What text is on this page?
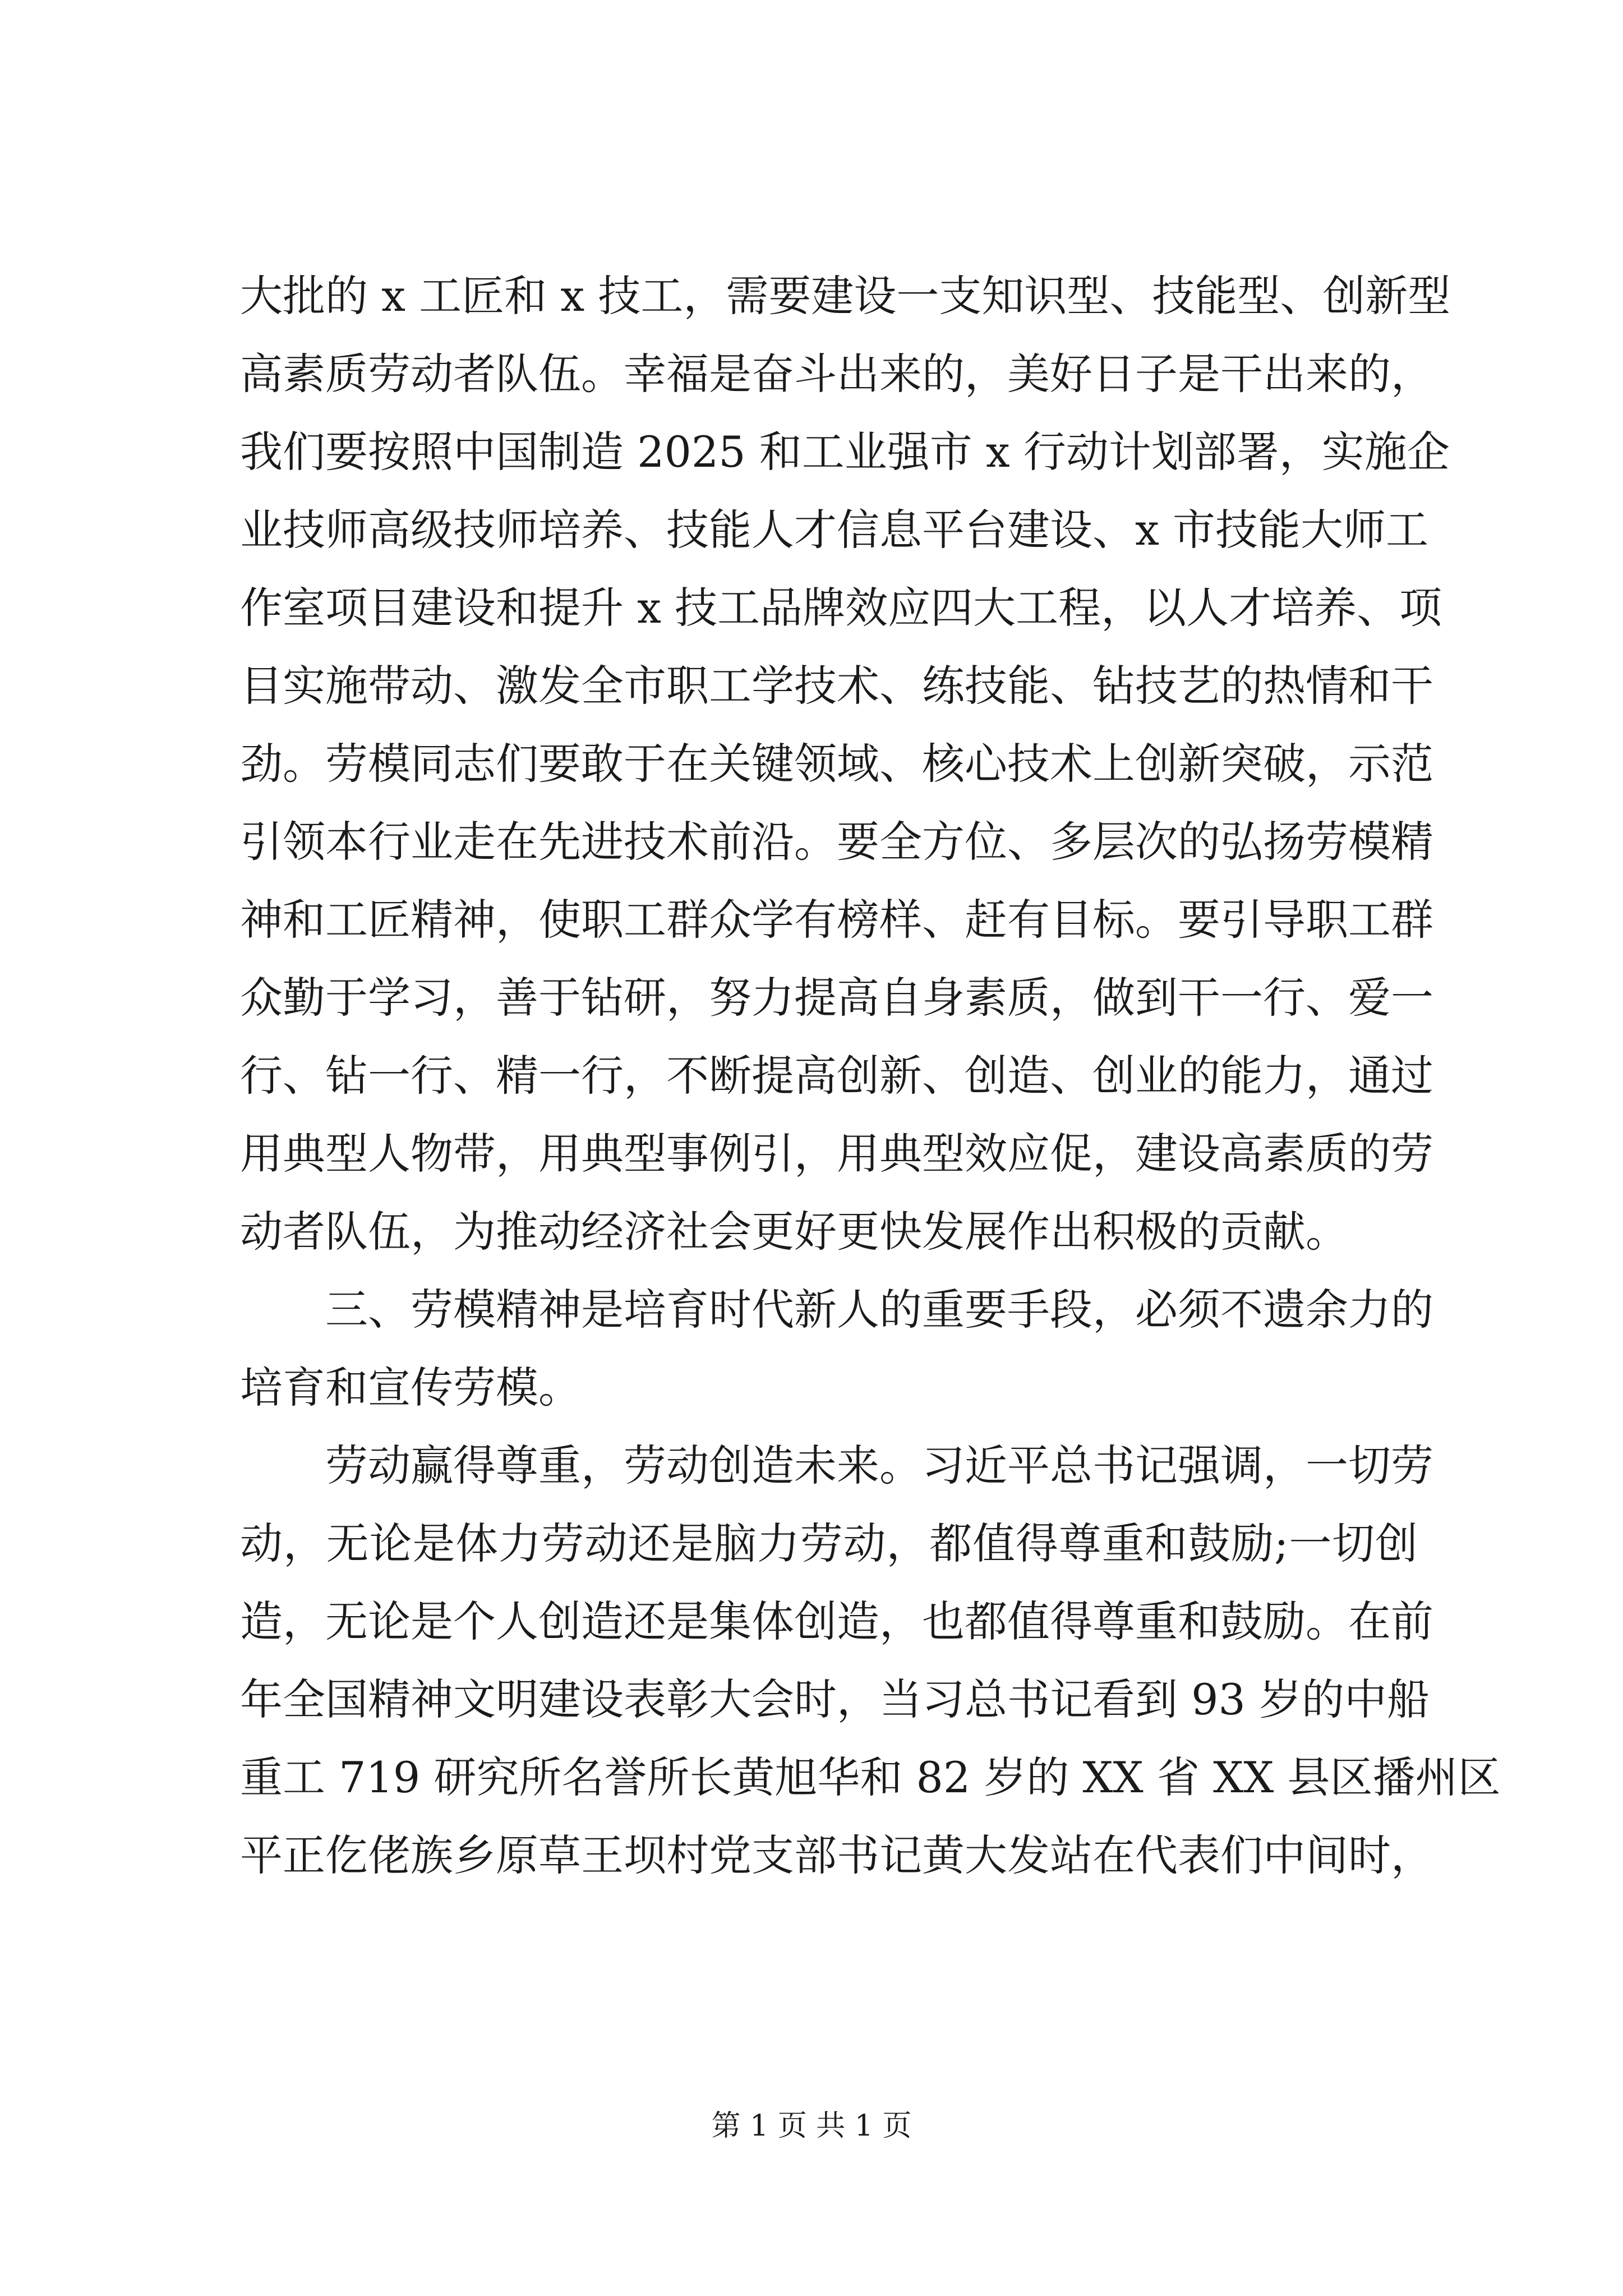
大批的 x 工匠和 x 技工，需要建设一支知识型、技能型、创新型
高素质劳动者队伍。幸福是奋斗出来的，美好日子是干出来的，
我们要按照中国制造 2025 和工业强市 x 行动计划部署，实施企
业技师高级技师培养、技能人才信息平台建设、x 市技能大师工
作室项目建设和提升 x 技工品牌效应四大工程，以人才培养、项
目实施带动、激发全市职工学技术、练技能、钻技艺的热情和干
劲。劳模同志们要敢于在关键领域、核心技术上创新突破，示范
引领本行业走在先进技术前沿。要全方位、多层次的弘扬劳模精
神和工匠精神，使职工群众学有榜样、赶有目标。要引导职工群
众勤于学习，善于钻研，努力提高自身素质，做到干一行、爱一
行、钻一行、精一行，不断提高创新、创造、创业的能力，通过
用典型人物带，用典型事例引，用典型效应促，建设高素质的劳
动者队伍，为推动经济社会更好更快发展作出积极的贡献。
三、劳模精神是培育时代新人的重要手段，必须不遗余力的
培育和宣传劳模。
劳动赢得尊重，劳动创造未来。习近平总书记强调，一切劳
动，无论是体力劳动还是脑力劳动，都值得尊重和鼓励;一切创
造，无论是个人创造还是集体创造，也都值得尊重和鼓励。在前
年全国精神文明建设表彰大会时，当习总书记看到 93 岁的中船
重工 719 研究所名誉所长黄旭华和 82 岁的 XX 省 XX 县区播州区
平正仡佬族乡原草王坝村党支部书记黄大发站在代表们中间时，
第 1 页 共 1 页
